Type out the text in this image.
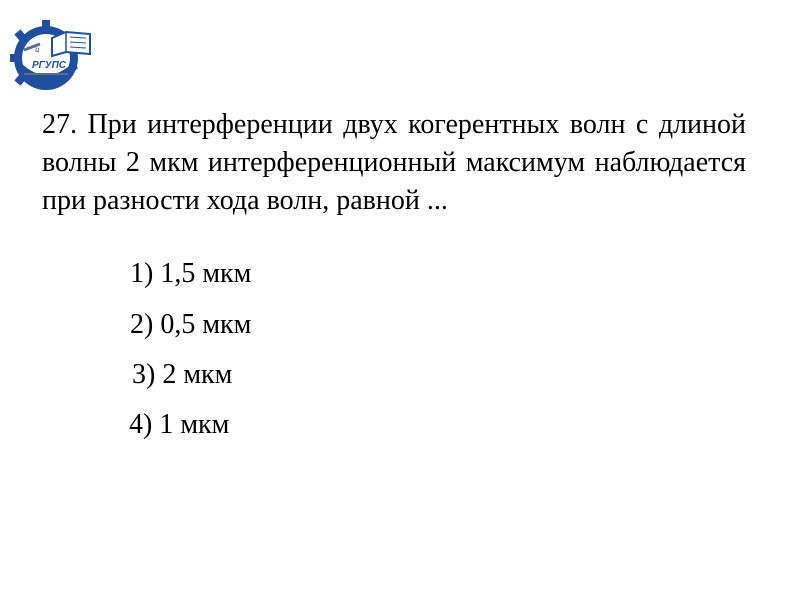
u
РГУПС
27. При интерференции двух когерентных волн с длиной волны 2 мкм интерференционный максимум наблюдается при разности хода волн, равной ...
1) 1,5 мкм
2) 0,5 мкм
3) 2 мкм
4) 1 мкм
